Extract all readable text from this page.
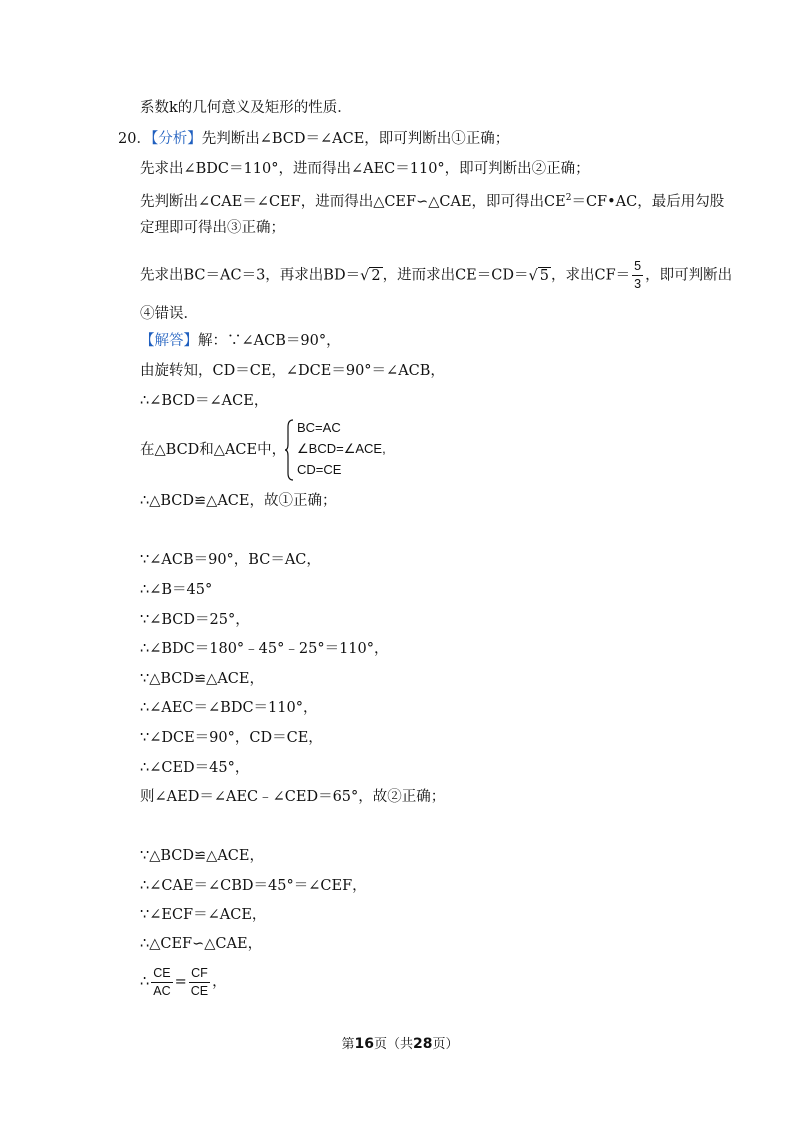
系数k的几何意义及矩形的性质．
20．【分析】先判断出∠BCD＝∠ACE，即可判断出①正确；
先求出∠BDC＝110°，进而得出∠AEC＝110°，即可判断出②正确；
先判断出∠CAE＝∠CEF，进而得出△CEF∽△CAE，即可得出$CE^2=CF•AC$，最后用勾股
定理即可得出③正确；
先求出BC＝AC＝3，再求出BD＝√ 2 ，进而求出CE＝CD＝√ 5 ，求出$CF= \frac{5}{3}$ ，即可判断出
④错误．
【解答】解：∵∠ACB＝90°，
由旋转知，CD＝CE，∠DCE＝90°＝∠ACB，
∴∠BCD＝∠ACE，
在△BCD和△ACE中，
BC=AC
∠BCD=∠ACE,
CD=CE
∴△BCD≌△ACE，故①正确；
∵∠ACB＝90°，BC＝AC，
∴∠B＝45°
∵∠BCD＝25°，
∴∠BDC＝180°﹣45°﹣25°＝110°，
∵△BCD≌△ACE，
∴∠AEC＝∠BDC＝110°，
∵∠DCE＝90°，CD＝CE，
∴∠CED＝45°，
则∠AED＝∠AEC﹣∠CED＝65°，故②正确；
∵△BCD≌△ACE，
∴∠CAE＝∠CBD＝45°＝∠CEF，
∵∠ECF＝∠ACE，
∴△CEF∽△CAE，
∴ $\frac{CE}{AC} = \frac{CF}{CE}$ ，
第16页（共28页）
